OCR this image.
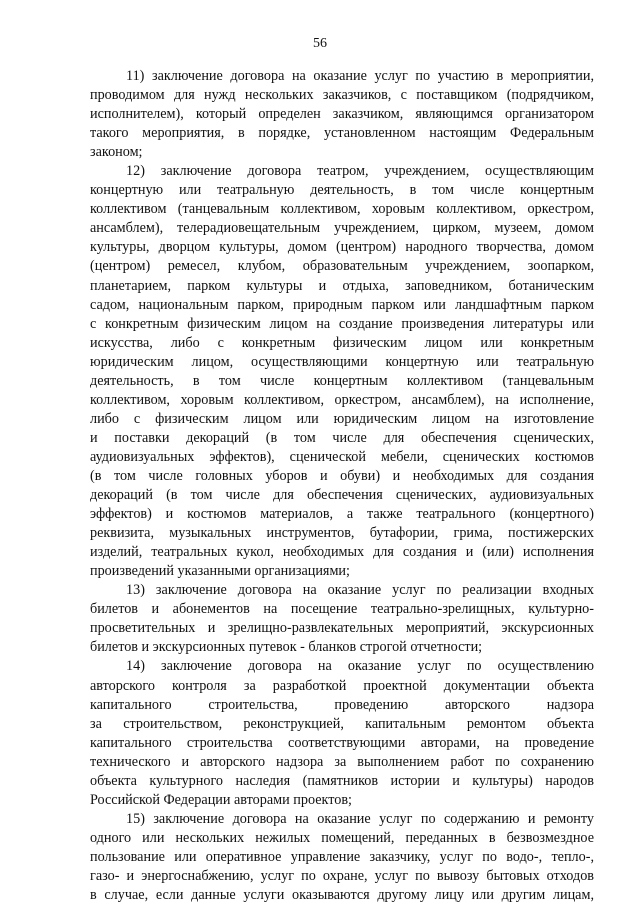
56
11) заключение договора на оказание услуг по участию в мероприятии,
проводимом для нужд нескольких заказчиков, с поставщиком (подрядчиком,
исполнителем), который определен заказчиком, являющимся организатором
такого мероприятия, в порядке, установленном настоящим Федеральным
законом;
12) заключение договора театром, учреждением, осуществляющим
концертную или театральную деятельность, в том числе концертным
коллективом (танцевальным коллективом, хоровым коллективом, оркестром,
ансамблем), телерадиовещательным учреждением, цирком, музеем, домом
культуры, дворцом культуры, домом (центром) народного творчества, домом
(центром) ремесел, клубом, образовательным учреждением, зоопарком,
планетарием, парком культуры и отдыха, заповедником, ботаническим
садом, национальным парком, природным парком или ландшафтным парком
с конкретным физическим лицом на создание произведения литературы или
искусства, либо с конкретным физическим лицом или конкретным
юридическим лицом, осуществляющими концертную или театральную
деятельность, в том числе концертным коллективом (танцевальным
коллективом, хоровым коллективом, оркестром, ансамблем), на исполнение,
либо с физическим лицом или юридическим лицом на изготовление
и поставки декораций (в том числе для обеспечения сценических,
аудиовизуальных эффектов), сценической мебели, сценических костюмов
(в том числе головных уборов и обуви) и необходимых для создания
декораций (в том числе для обеспечения сценических, аудиовизуальных
эффектов) и костюмов материалов, а также театрального (концертного)
реквизита, музыкальных инструментов, бутафории, грима, постижерских
изделий, театральных кукол, необходимых для создания и (или) исполнения
произведений указанными организациями;
13) заключение договора на оказание услуг по реализации входных
билетов и абонементов на посещение театрально-зрелищных, культурно-
просветительных и зрелищно-развлекательных мероприятий, экскурсионных
билетов и экскурсионных путевок - бланков строгой отчетности;
14) заключение договора на оказание услуг по осуществлению
авторского контроля за разработкой проектной документации объекта
капитального строительства, проведению авторского надзора
за строительством, реконструкцией, капитальным ремонтом объекта
капитального строительства соответствующими авторами, на проведение
технического и авторского надзора за выполнением работ по сохранению
объекта культурного наследия (памятников истории и культуры) народов
Российской Федерации авторами проектов;
15) заключение договора на оказание услуг по содержанию и ремонту
одного или нескольких нежилых помещений, переданных в безвозмездное
пользование или оперативное управление заказчику, услуг по водо-, тепло-,
газо- и энергоснабжению, услуг по охране, услуг по вывозу бытовых отходов
в случае, если данные услуги оказываются другому лицу или другим лицам,
